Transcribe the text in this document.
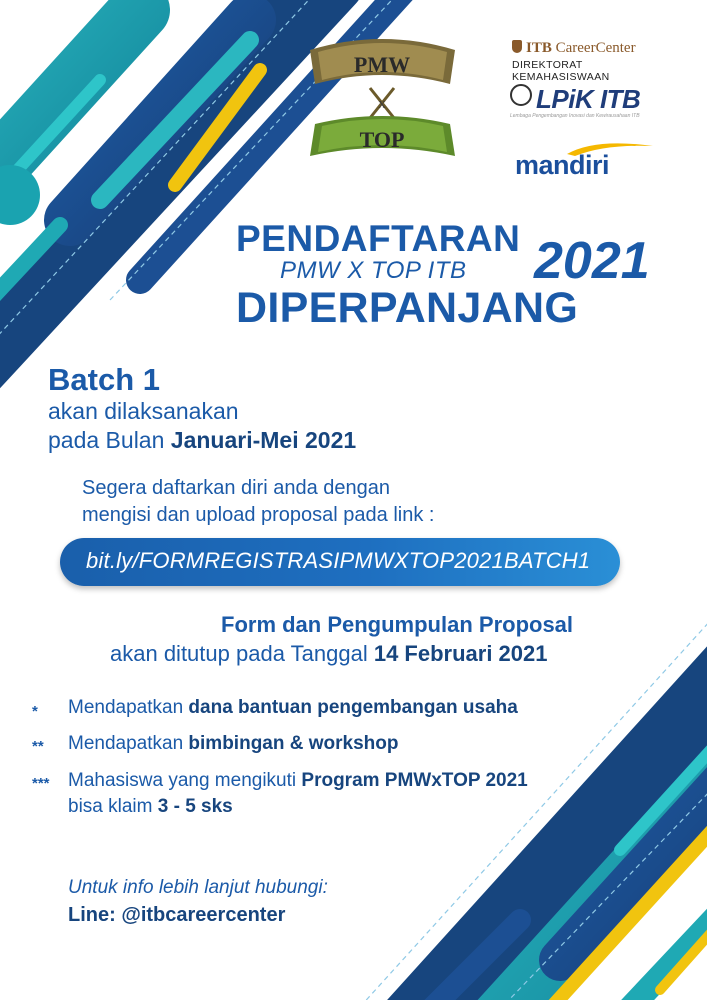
PMW
X
TOP
ITB CareerCenter
DIREKTORAT KEMAHASISWAAN
LPiK ITB
Lembaga Pengembangan Inovasi dan Kewirausahaan ITB
mandiri
PENDAFTARAN
PMW X TOP ITB 2021
DIPERPANJANG
Batch 1
akan dilaksanakan
pada Bulan Januari-Mei 2021
Segera daftarkan diri anda dengan
mengisi dan upload proposal pada link :
bit.ly/FORMREGISTRASIPMWXTOP2021BATCH1
Form dan Pengumpulan Proposal
akan ditutup pada Tanggal 14 Februari 2021
* Mendapatkan dana bantuan pengembangan usaha
** Mendapatkan bimbingan & workshop
*** Mahasiswa yang mengikuti Program PMWxTOP 2021
bisa klaim 3 - 5 sks
Untuk info lebih lanjut hubungi:
Line: @itbcareercenter
